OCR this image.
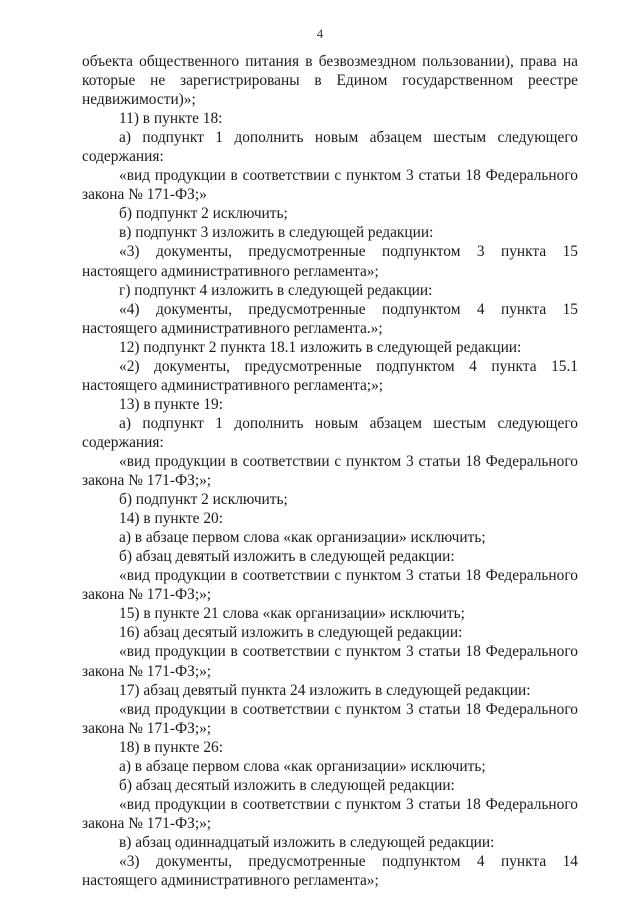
4

объекта общественного питания в безвозмездном пользовании), права на которые не зарегистрированы в Едином государственном реестре недвижимости)»;

11) в пункте 18:

а) подпункт 1 дополнить новым абзацем шестым следующего содержания:

«вид продукции в соответствии с пунктом 3 статьи 18 Федерального закона № 171-ФЗ;»

б) подпункт 2 исключить;

в) подпункт 3 изложить в следующей редакции:

«3) документы, предусмотренные подпунктом 3 пункта 15 настоящего административного регламента»;

г) подпункт 4 изложить в следующей редакции:

«4) документы, предусмотренные подпунктом 4 пункта 15 настоящего административного регламента.»;

12) подпункт 2 пункта 18.1 изложить в следующей редакции:

«2) документы, предусмотренные подпунктом 4 пункта 15.1 настоящего административного регламента;»;

13) в пункте 19:

а) подпункт 1 дополнить новым абзацем шестым следующего содержания:

«вид продукции в соответствии с пунктом 3 статьи 18 Федерального закона № 171-ФЗ;»;

б) подпункт 2 исключить;

14) в пункте 20:

а) в абзаце первом слова «как организации» исключить;

б) абзац девятый изложить в следующей редакции:

«вид продукции в соответствии с пунктом 3 статьи 18 Федерального закона № 171-ФЗ;»;

15) в пункте 21 слова «как организации» исключить;

16) абзац десятый изложить в следующей редакции:

«вид продукции в соответствии с пунктом 3 статьи 18 Федерального закона № 171-ФЗ;»;

17) абзац девятый пункта 24 изложить в следующей редакции:

«вид продукции в соответствии с пунктом 3 статьи 18 Федерального закона № 171-ФЗ;»;

18) в пункте 26:

а) в абзаце первом слова «как организации» исключить;

б) абзац десятый изложить в следующей редакции:

«вид продукции в соответствии с пунктом 3 статьи 18 Федерального закона № 171-ФЗ;»;

в) абзац одиннадцатый изложить в следующей редакции:

«3) документы, предусмотренные подпунктом 4 пункта 14 настоящего административного регламента»;
